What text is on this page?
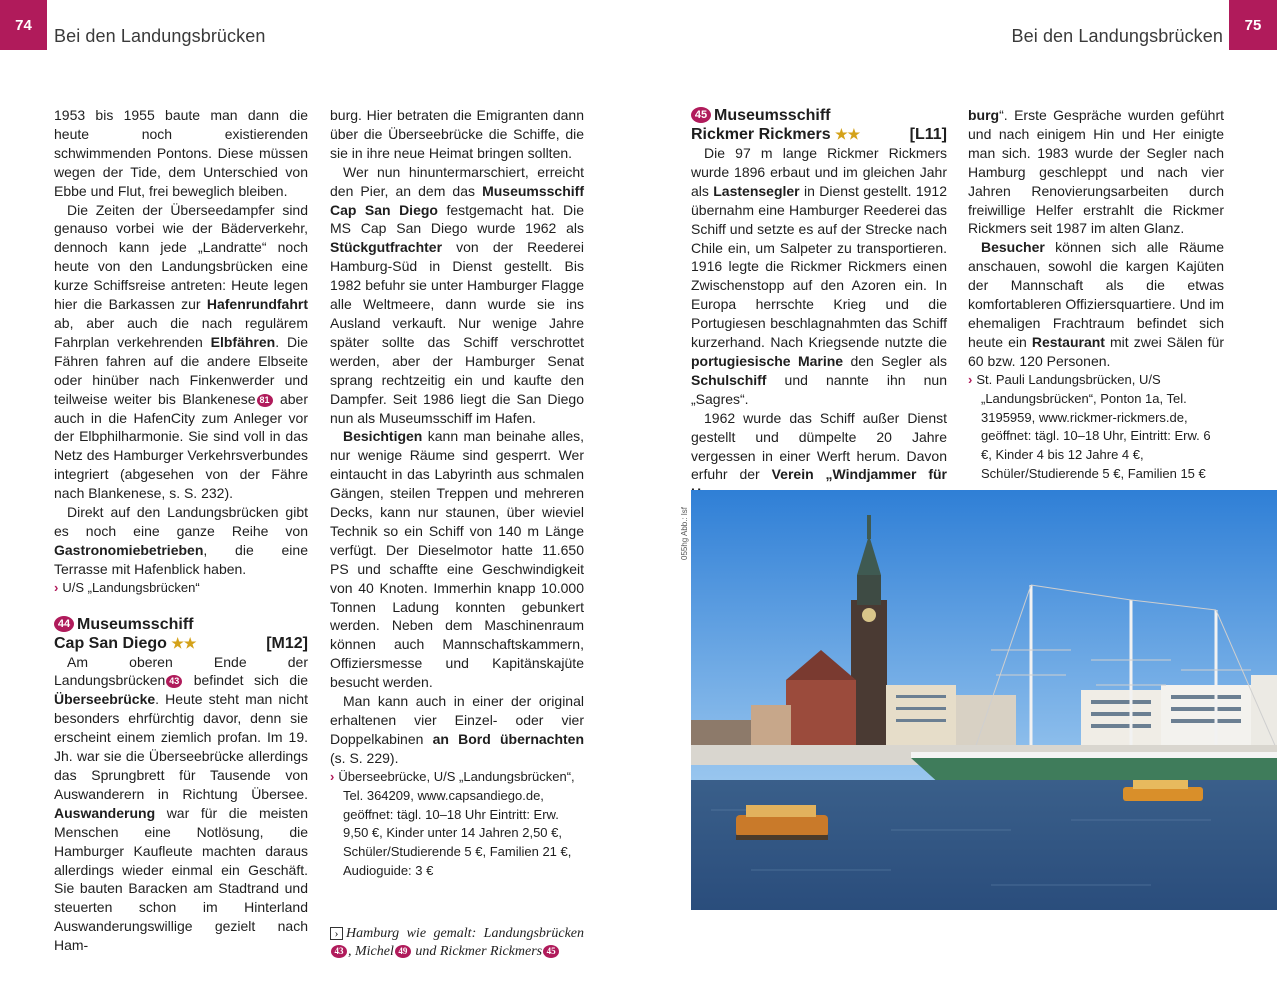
74
Bei den Landungsbrücken	Bei den Landungsbrücken
75

1953 bis 1955 baute man dann die heute noch existierenden schwimmenden Pontons. Diese müssen wegen der Tide, dem Unterschied von Ebbe und Flut, frei beweglich bleiben.

Die Zeiten der Überseedampfer sind genauso vorbei wie der Bäderverkehr, dennoch kann jede „Landratte“ noch heute von den Landungsbrücken eine kurze Schiffsreise antreten: Heute legen hier die Barkassen zur Hafenrundfahrt ab, aber auch die nach regulärem Fahrplan verkehrenden Elbfähren. Die Fähren fahren auf die andere Elbseite oder hinüber nach Finkenwerder und teilweise weiter bis Blankenese 81 aber auch in die HafenCity zum Anleger vor der Elbphilharmonie. Sie sind voll in das Netz des Hamburger Verkehrsverbundes integriert (abgesehen von der Fähre nach Blankenese, s. S. 232).

Direkt auf den Landungsbrücken gibt es noch eine ganze Reihe von Gastronomiebetrieben, die eine Terrasse mit Hafenblick haben.

› U/S „Landungsbrücken“
44 Museumsschiff
Cap San Diego ★★	[M12]

Am oberen Ende der Landungsbrücken 43 befindet sich die Überseebrücke. Heute steht man nicht besonders ehrfürchtig davor, denn sie erscheint einem ziemlich profan. Im 19. Jh. war sie die Überseebrücke allerdings das Sprungbrett für Tausende von Auswanderern in Richtung Übersee. Auswanderung war für die meisten Menschen eine Notlösung, die Hamburger Kaufleute machten daraus allerdings wieder einmal ein Geschäft. Sie bauten Baracken am Stadtrand und steuerten schon im Hinterland Auswanderungswillige gezielt nach Ham-

burg. Hier betraten die Emigranten dann über die Überseebrücke die Schiffe, die sie in ihre neue Heimat bringen sollten.

Wer nun hinuntermarschiert, erreicht den Pier, an dem das Museumsschiff Cap San Diego festgemacht hat. Die MS Cap San Diego wurde 1962 als Stückgutfrachter von der Reederei Hamburg-Süd in Dienst gestellt. Bis 1982 befuhr sie unter Hamburger Flagge alle Weltmeere, dann wurde sie ins Ausland verkauft. Nur wenige Jahre später sollte das Schiff verschrottet werden, aber der Hamburger Senat sprang rechtzeitig ein und kaufte den Dampfer. Seit 1986 liegt die San Diego nun als Museumsschiff im Hafen.

Besichtigen kann man beinahe alles, nur wenige Räume sind gesperrt. Wer eintaucht in das Labyrinth aus schmalen Gängen, steilen Treppen und mehreren Decks, kann nur staunen, über wieviel Technik so ein Schiff von 140 m Länge verfügt. Der Dieselmotor hatte 11.650 PS und schaffte eine Geschwindigkeit von 40 Knoten. Immerhin knapp 10.000 Tonnen Ladung konnten gebunkert werden. Neben dem Maschinenraum können auch Mannschaftskammern, Offiziersmesse und Kapitänskajüte besucht werden.

Man kann auch in einer der original erhaltenen vier Einzel- oder vier Doppelkabinen an Bord übernachten (s. S. 229).

› Überseebrücke, U/S „Landungsbrücken“, Tel. 364209, www.capsandiego.de, geöffnet: tägl. 10–18 Uhr Eintritt: Erw. 9,50 €, Kinder unter 14 Jahren 2,50 €, Schüler/Studierende 5 €, Familien 21 €, Audioguide: 3 €
› Hamburg wie gemalt: Landungsbrücken43 , Michel 49 und Rickmer Rickmers 45
45 Museumsschiff
Rickmer Rickmers ★★	[L11]

Die 97 m lange Rickmer Rickmers wurde 1896 erbaut und im gleichen Jahr als Lastensegler in Dienst gestellt. 1912 übernahm eine Hamburger Reederei das Schiff und setzte es auf der Strecke nach Chile ein, um Salpeter zu transportieren. 1916 legte die Rickmer Rickmers einen Zwischenstopp auf den Azoren ein. In Europa herrschte Krieg und die Portugiesen beschlagnahmten das Schiff kurzerhand. Nach Kriegsende nutzte die portugiesische Marine den Segler als Schulschiff und nannte ihn nun „Sagres“.

1962 wurde das Schiff außer Dienst gestellt und dümpelte 20 Jahre vergessen in einer Werft herum. Davon erfuhr der Verein „Windjammer für

burg“. Erste Gespräche wurden geführt und nach einigem Hin und Her einigte man sich. 1983 wurde der Segler nach Hamburg geschleppt und nach vier Jahren Renovierungsarbeiten durch freiwillige Helfer erstrahlt die Rickmer Rickmers seit 1987 im alten Glanz.

Besucher können sich alle Räume anschauen, sowohl die kargen Kajüten der Mannschaft als die etwas komfortableren Offiziersquartiere. Und im ehemaligen Frachtraum befindet sich heute ein Restaurant mit zwei Sälen für 60 bzw. 120 Personen.

› St. Pauli Landungsbrücken, U/S „Landungsbrücken“, Ponton 1a, Tel. 3195959, www.rickmer-rickmers.de, geöffnet: tägl. 10–18 Uhr, Eintritt: Erw. 6 €, Kinder 4 bis 12 Jahre 4 €, Schüler/Studierende 5 €, Familien 15 €
055hg Abb.: lsf
